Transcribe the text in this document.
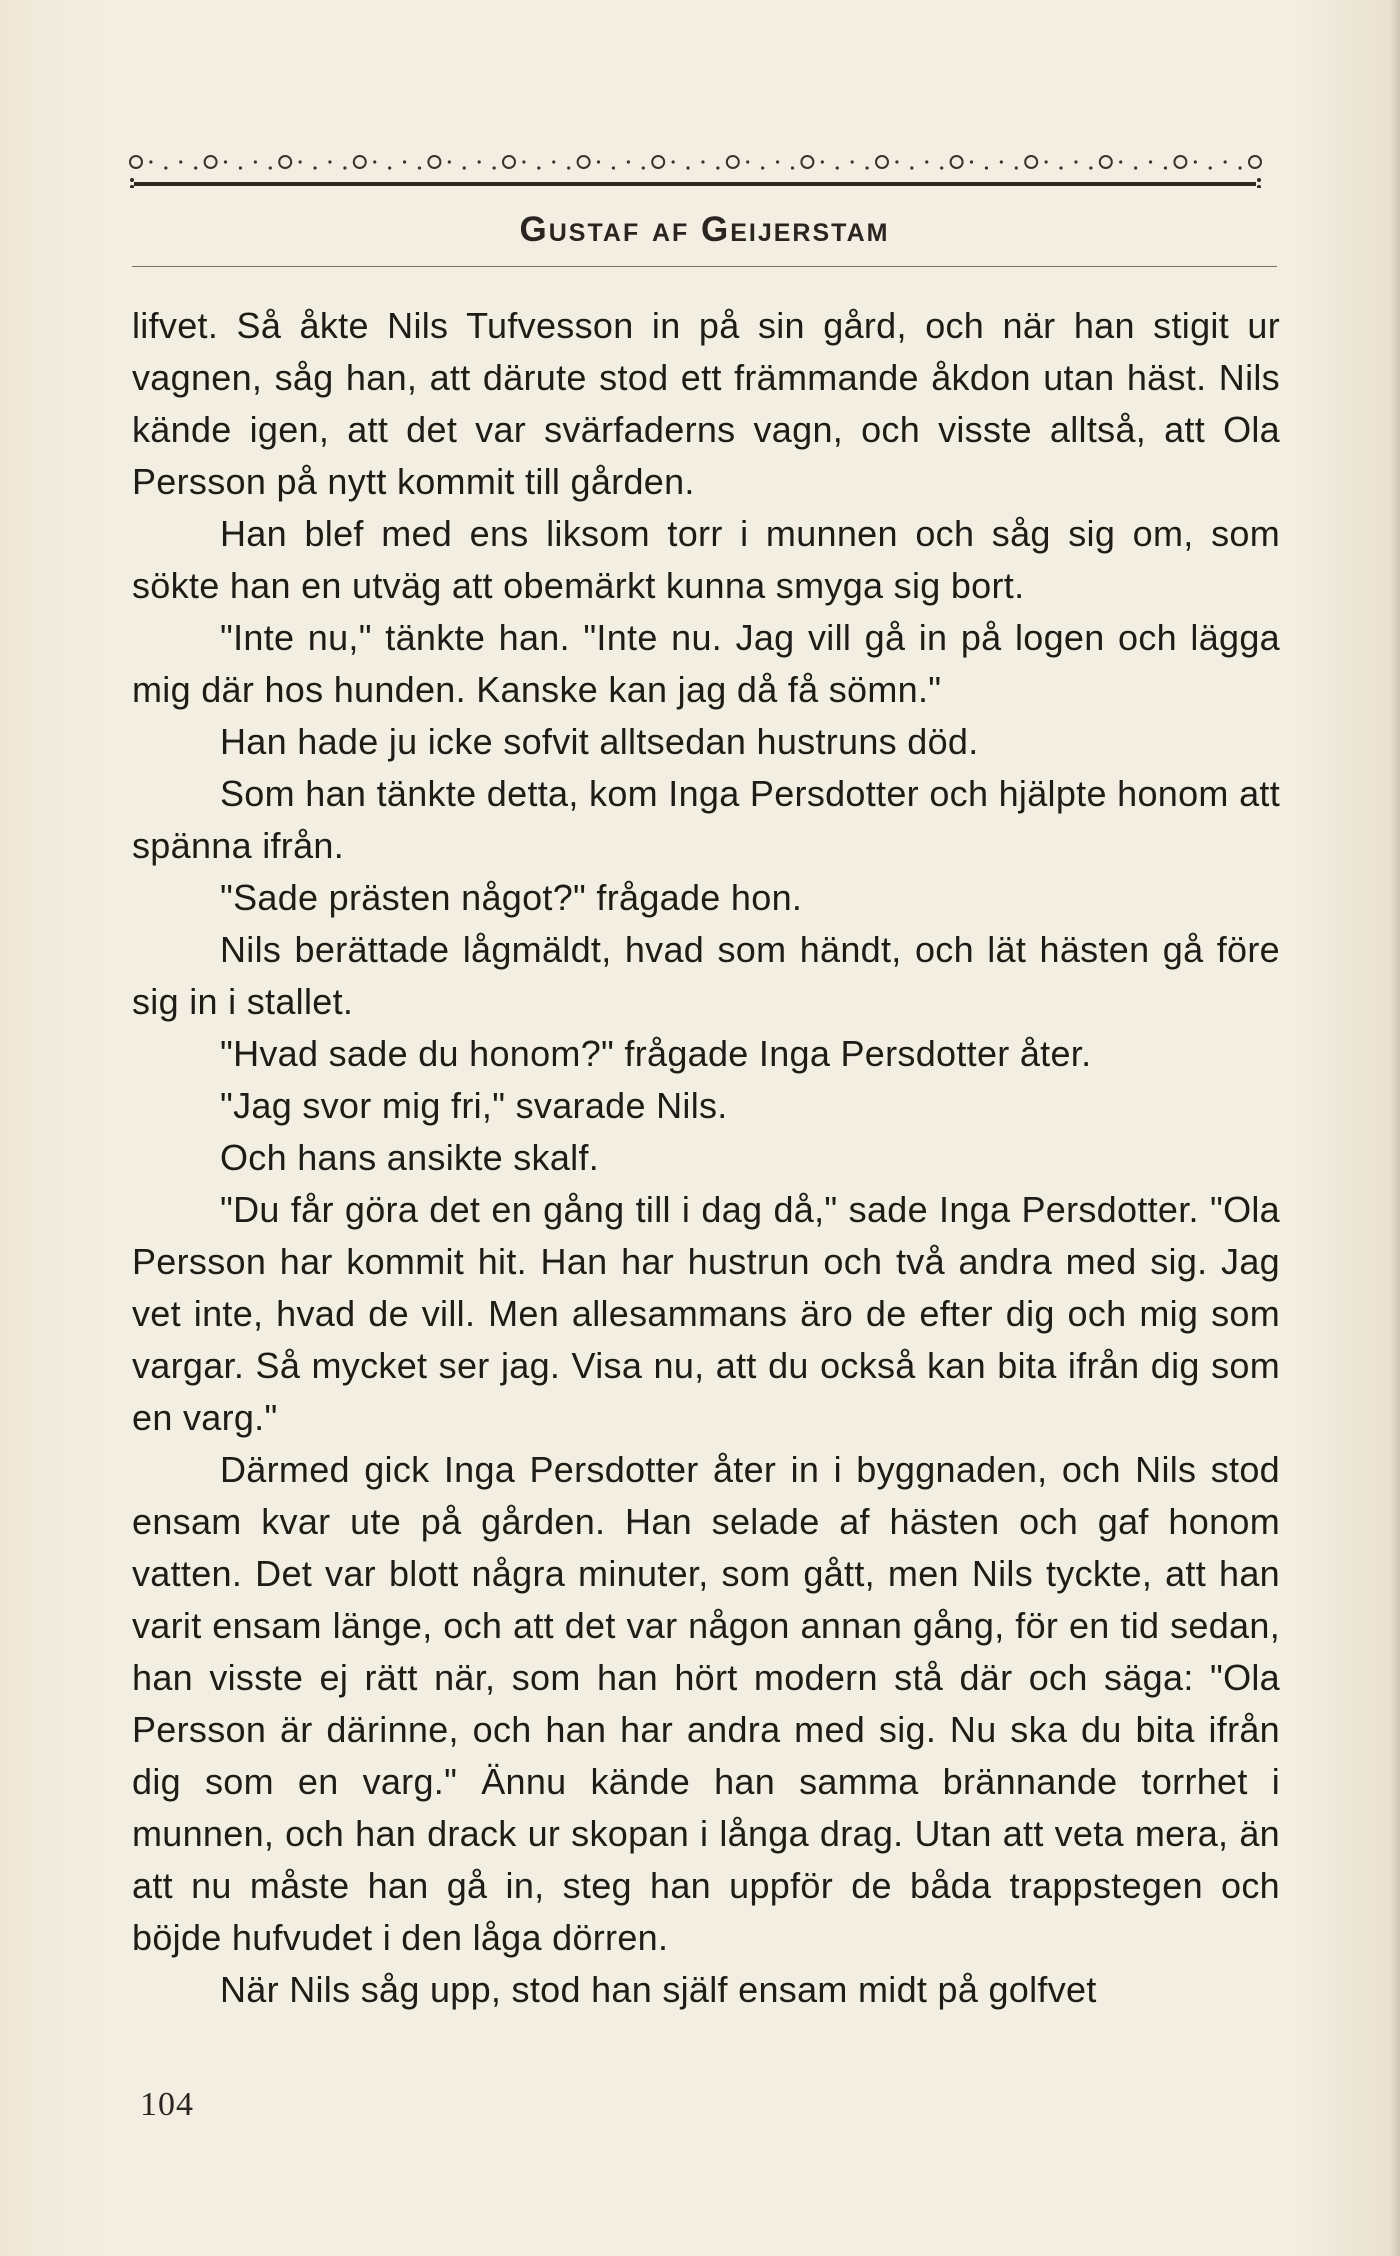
Gustaf af Geijerstam

lifvet. Så åkte Nils Tufvesson in på sin gård, och när han stigit ur vagnen, såg han, att därute stod ett främmande åkdon utan häst. Nils kände igen, att det var svärfaderns vagn, och visste alltså, att Ola Persson på nytt kommit till gården.

Han blef med ens liksom torr i munnen och såg sig om, som sökte han en utväg att obemärkt kunna smyga sig bort.

"Inte nu," tänkte han. "Inte nu. Jag vill gå in på logen och lägga mig där hos hunden. Kanske kan jag då få sömn."

Han hade ju icke sofvit alltsedan hustruns död.

Som han tänkte detta, kom Inga Persdotter och hjälpte honom att spänna ifrån.

"Sade prästen något?" frågade hon.

Nils berättade lågmäldt, hvad som händt, och lät hästen gå före sig in i stallet.

"Hvad sade du honom?" frågade Inga Persdotter åter.

"Jag svor mig fri," svarade Nils.

Och hans ansikte skalf.

"Du får göra det en gång till i dag då," sade Inga Persdotter. "Ola Persson har kommit hit. Han har hustrun och två andra med sig. Jag vet inte, hvad de vill. Men allesammans äro de efter dig och mig som vargar. Så mycket ser jag. Visa nu, att du också kan bita ifrån dig som en varg."

Därmed gick Inga Persdotter åter in i byggnaden, och Nils stod ensam kvar ute på gården. Han selade af hästen och gaf honom vatten. Det var blott några minuter, som gått, men Nils tyckte, att han varit ensam länge, och att det var någon annan gång, för en tid sedan, han visste ej rätt när, som han hört modern stå där och säga: "Ola Persson är därinne, och han har andra med sig. Nu ska du bita ifrån dig som en varg." Ännu kände han samma brännande torrhet i munnen, och han drack ur skopan i långa drag. Utan att veta mera, än att nu måste han gå in, steg han uppför de båda trappstegen och böjde hufvudet i den låga dörren.

När Nils såg upp, stod han själf ensam midt på golfvet

104
